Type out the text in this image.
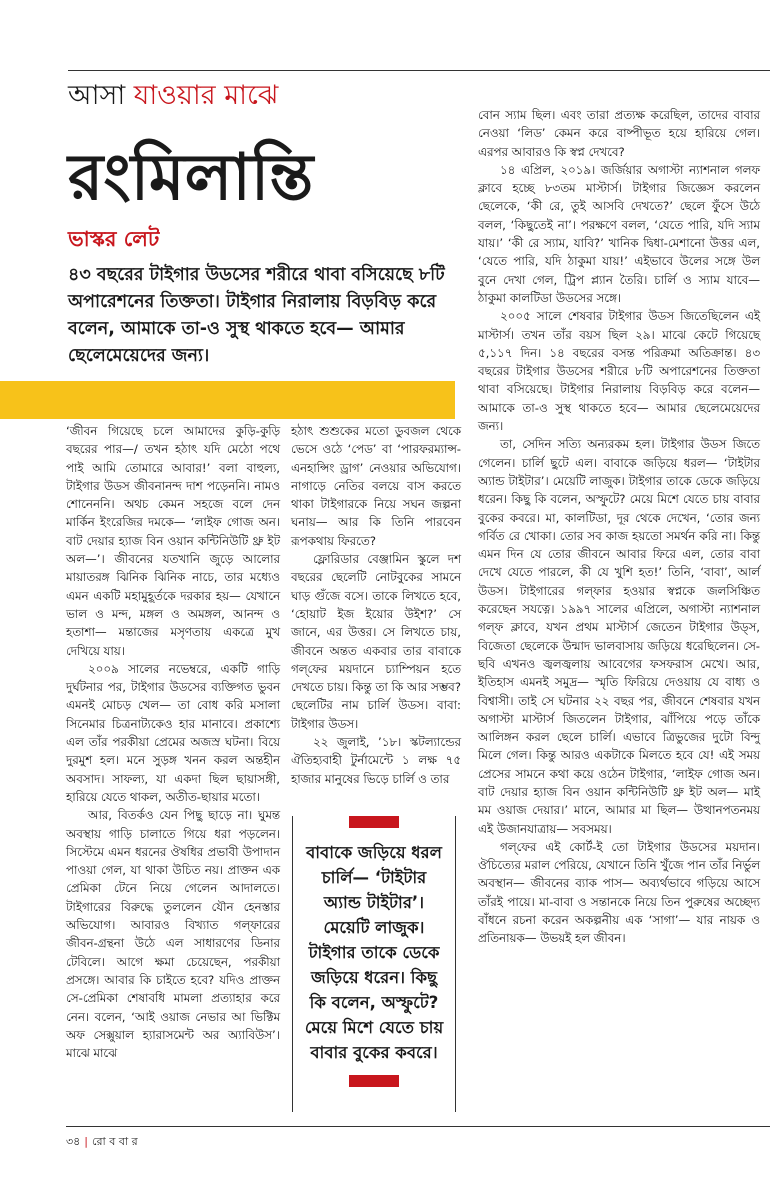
আসা যাওয়ার মাঝে
রংমিলান্তি
ভাস্কর লেট
৪৩ বছরের টাইগার উডসের শরীরে থাবা বসিয়েছে ৮টি অপারেশনের তিক্ততা। টাইগার নিরালায় বিড়বিড় করে বলেন, আমাকে তা-ও সুস্থ থাকতে হবে— আমার ছেলেমেয়েদের জন্য।

‘জীবন গিয়েছে চলে আমাদের কুড়ি-কুড়ি বছরের পার—/ তখন হঠাৎ যদি মেঠো পথে পাই আমি তোমারে আবার!’ বলা বাহুল্য, টাইগার উডস জীবনানন্দ দাশ পড়েননি। নামও শোনেননি। অথচ কেমন সহজে বলে দেন মার্কিন ইংরেজির দমকে— ‘লাইফ গোজ অন। বাট দেয়ার হ্যাজ বিন ওয়ান কন্টিনিউটি থ্রু ইট অল—’। জীবনের যতখানি জুড়ে আলোর মায়াতরঙ্গ ঝিনিক ঝিনিক নাচে, তার মধ্যেও এমন একটি মহামুহূর্তকে দরকার হয়— যেখানে ভাল ও মন্দ, মঙ্গল ও অমঙ্গল, আনন্দ ও হতাশা— মন্তাজের মসৃণতায় একত্রে মুখ দেখিয়ে যায়।

২০০৯ সালের নভেম্বরে, একটি গাড়ি দুর্ঘটনার পর, টাইগার উডসের ব্যক্তিগত ভুবন এমনই মোচড় খেল— তা বোধ করি মসালা সিনেমার চিত্রনাট্যকেও হার মানাবে। প্রকাশ্যে এল তাঁর পরকীয়া প্রেমের অজস্র ঘটনা। বিয়ে দুরমুশ হল। মনে সুড়ঙ্গ খনন করল অন্তহীন অবসাদ। সাফল্য, যা একদা ছিল ছায়াসঙ্গী, হারিয়ে যেতে থাকল, অতীত-ছায়ার মতো।

আর, বিতর্কও যেন পিছু ছাড়ে না। ঘুমন্ত অবস্থায় গাড়ি চালাতে গিয়ে ধরা পড়লেন। সিস্টেমে এমন ধরনের ঔষধির প্রভাবী উপাদান পাওয়া গেল, যা থাকা উচিত নয়। প্রাক্তন এক প্রেমিকা টেনে নিয়ে গেলেন আদালতে। টাইগারের বিরুদ্ধে তুললেন যৌন হেনস্তার অভিযোগ। আবারও বিখ্যাত গল্‌ফারের জীবন-গ্রন্থনা উঠে এল সাধারণের ডিনার টেবিলে। আগে ক্ষমা চেয়েছেন, পরকীয়া প্রসঙ্গে। আবার কি চাইতে হবে? যদিও প্রাক্তন সে-প্রেমিকা শেষাবধি মামলা প্রত্যাহার করে নেন। বলেন, ‘আই ওয়াজ নেভার আ ভিক্টিম অফ সেক্সুয়াল হ্যারাসমেন্ট অর অ্যাবিউস’। মাঝে মাঝে

হঠাৎ শুশুকের মতো ডুবজল থেকে ভেসে ওঠে ‘পেড’ বা ‘পারফরম্যান্স-এনহান্সিং ড্রাগ’ নেওয়ার অভিযোগ। নাগাড়ে নেতির বলয়ে বাস করতে থাকা টাইগারকে নিয়ে সঘন জল্পনা ঘনায়— আর কি তিনি পারবেন রূপকথায় ফিরতে?

ফ্লোরিডার বেঞ্জামিন স্কুলে দশ বছরের ছেলেটি নোটবুকের সামনে ঘাড় গুঁজে বসে। তাকে লিখতে হবে, ‘হোয়াট ইজ ইয়োর উইশ?’ সে জানে, এর উত্তর। সে লিখতে চায়, জীবনে অন্তত একবার তার বাবাকে গল্‌ফের ময়দানে চ্যাম্পিয়ন হতে দেখতে চায়। কিন্তু তা কি আর সম্ভব? ছেলেটির নাম চার্লি উডস। বাবা: টাইগার উডস।

২২ জুলাই, ’১৮। স্কটল্যান্ডের ঐতিহ্যবাহী টুর্নামেন্টে ১ লক্ষ ৭৫ হাজার মানুষের ভিড়ে চার্লি ও তার

বাবাকে জড়িয়ে ধরল চার্লি— ‘টাইটার অ্যান্ড টাইটার’। মেয়েটি লাজুক। টাইগার তাকে ডেকে জড়িয়ে ধরেন। কিছু কি বলেন, অস্ফুটে? মেয়ে মিশে যেতে চায় বাবার বুকের কবরে।

বোন স্যাম ছিল। এবং তারা প্রত্যক্ষ করেছিল, তাদের বাবার নেওয়া ‘লিড’ কেমন করে বাষ্পীভূত হয়ে হারিয়ে গেল। এরপর আবারও কি স্বপ্ন দেখবে?

১৪ এপ্রিল, ২০১৯। জর্জিয়ার অগাস্টা ন্যাশনাল গলফ ক্লাবে হচ্ছে ৮৩তম মাস্টার্স। টাইগার জিজ্ঞেস করলেন ছেলেকে, ‘কী রে, তুই আসবি দেখতে?’ ছেলে ফুঁসে উঠে বলল, ‘কিছুতেই না’। পরক্ষণে বলল, ‘যেতে পারি, যদি স্যাম যায়।’ ‘কী রে স্যাম, যাবি?’ খানিক দ্বিধা-মেশানো উত্তর এল, ‘যেতে পারি, যদি ঠাকুমা যায়!’ এইভাবে উলের সঙ্গে উল বুনে দেখা গেল, ট্রিপ প্ল্যান তৈরি। চার্লি ও স্যাম যাবে— ঠাকুমা কালটিডা উডসের সঙ্গে।

২০০৫ সালে শেষবার টাইগার উডস জিতেছিলেন এই মাস্টার্স। তখন তাঁর বয়স ছিল ২৯। মাঝে কেটে গিয়েছে ৫,১১৭ দিন। ১৪ বছরের বসন্ত পরিক্রমা অতিক্রান্ত। ৪৩ বছরের টাইগার উডসের শরীরে ৮টি অপারেশনের তিক্ততা থাবা বসিয়েছে। টাইগার নিরালায় বিড়বিড় করে বলেন— আমাকে তা-ও সুস্থ থাকতে হবে— আমার ছেলেমেয়েদের জন্য।

তা, সেদিন সত্যি অন্যরকম হল। টাইগার উডস জিতে গেলেন। চার্লি ছুটে এল। বাবাকে জড়িয়ে ধরল— ‘টাইটার অ্যান্ড টাইটার’। মেয়েটি লাজুক। টাইগার তাকে ডেকে জড়িয়ে ধরেন। কিছু কি বলেন, অস্ফুটে? মেয়ে মিশে যেতে চায় বাবার বুকের কবরে। মা, কালটিডা, দূর থেকে দেখেন, ‘তোর জন্য গর্বিত রে খোকা। তোর সব কাজ হয়তো সমর্থন করি না। কিন্তু এমন দিন যে তোর জীবনে আবার ফিরে এল, তোর বাবা দেখে যেতে পারলে, কী যে খুশি হত!’ তিনি, ‘বাবা’, আর্ল উডস। টাইগারের গল্‌ফার হওয়ার স্বপ্নকে জলসিঞ্চিত করেছেন সযত্নে। ১৯৯৭ সালের এপ্রিলে, অগাস্টা ন্যাশনাল গল্‌ফ ক্লাবে, যখন প্রথম মাস্টার্স জেতেন টাইগার উড্‌স, বিজেতা ছেলেকে উন্মাদ ভালবাসায় জড়িয়ে ধরেছিলেন। সে-ছবি এখনও জ্বলজ্বলায় আবেগের ফসফরাস মেখে। আর, ইতিহাস এমনই সমুদ্র— স্মৃতি ফিরিয়ে দেওয়ায় যে বাধ্য ও বিশ্বাসী। তাই সে ঘটনার ২২ বছর পর, জীবনে শেষবার যখন অগাস্টা মাস্টার্স জিতলেন টাইগার, ঝাঁপিয়ে পড়ে তাঁকে আলিঙ্গন করল ছেলে চার্লি। এভাবে ত্রিভুজের দুটো বিন্দু মিলে গেল। কিন্তু আরও একটাকে মিলতে হবে যে! এই সময় প্রেসের সামনে কথা কয়ে ওঠেন টাইগার, ‘লাইফ গোজ অন। বাট দেয়ার হ্যাজ বিন ওয়ান কন্টিনিউটি থ্রু ইট অল— মাই মম ওয়াজ দেয়ার।’ মানে, আমার মা ছিল— উত্থানপতনময় এই উজানযাত্রায়— সবসময়।

গল্‌ফের এই কোর্ট-ই তো টাইগার উডসের ময়দান। ঔচিত্যের মরাল পেরিয়ে, যেখানে তিনি খুঁজে পান তাঁর নির্ভুল অবস্থান— জীবনের ব্যাক পাস— অব্যর্থভাবে গড়িয়ে আসে তাঁরই পায়ে। মা-বাবা ও সন্তানকে নিয়ে তিন পুরুষের অচ্ছেদ্য বাঁধনে রচনা করেন অকল্পনীয় এক ‘সাগা’— যার নায়ক ও প্রতিনায়ক— উভয়ই হল জীবন।

৩৪ | রো ব বা র
